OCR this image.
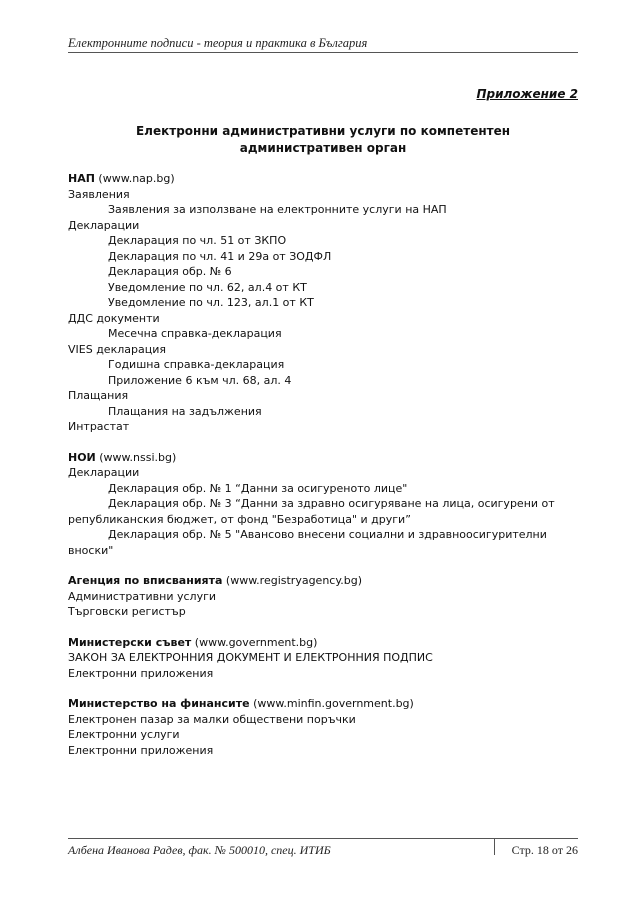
Електронните подписи - теория и практика в България
Приложение 2
Електронни административни услуги по компетентен
административен орган
НАП (www.nap.bg)
Заявления
Заявления за използване на електронните услуги на НАП
Декларации
Декларация по чл. 51 от ЗКПО
Декларация по чл. 41 и 29а от ЗОДФЛ
Декларация обр. № 6
Уведомление по чл. 62, ал.4 от КТ
Уведомление по чл. 123, ал.1 от КТ
ДДС документи
Месечна справка-декларация
VIES декларация
Годишна справка-декларация
Приложение 6 към чл. 68, ал. 4
Плащания
Плащания на задължения
Интрастат
НОИ (www.nssi.bg)
Декларации
Декларация обр. № 1 “Данни за осигуреното лице"
Декларация обр. № 3 “Данни за здравно осигуряване на лица, осигурени от републиканския бюджет, от фонд "Безработица" и други”
Декларация обр. № 5 "Авансово внесени социални и здравноосигурителни вноски"
Агенция по вписванията (www.registryagency.bg)
Административни услуги
Търговски регистър
Министерски съвет (www.government.bg)
ЗАКОН ЗА ЕЛЕКТРОННИЯ ДОКУМЕНТ И ЕЛЕКТРОННИЯ ПОДПИС
Електронни приложения
Министерство на финансите (www.minfin.government.bg)
Електронен пазар за малки обществени поръчки
Електронни услуги
Електронни приложения
Албена Иванова Радев, фак. № 500010, спец. ИТИБ	Стр. 18 от 26
